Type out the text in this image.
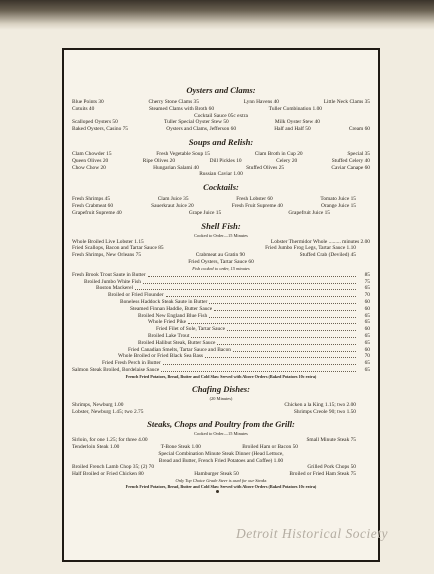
Oysters and Clams:
Blue Points 30	Cherry Stone Clams 35	Lynn Havens 40	Little Neck Clams 35
Cotuits 40	Steamed Clams with Broth 60	Tuller Combination 1.00
Cocktail Sauce 05c extra
Scalloped Oysters 50	Tuller Special Oyster Stew 50	Milk Oyster Stew 40
Baked Oysters, Casino 75	Oysters and Clams, Jefferson 60	Half and Half 50	Cream 60
Soups and Relish:
Clam Chowder 15	Fresh Vegetable Soup 15	Clam Broth in Cup 20	Special 35
Queen Olives 20	Ripe Olives 20	Dill Pickles 10	Celery 20	Stuffed Celery 40
Chow Chow 20	Hungarian Salami 40	Stuffed Olives 25	Caviar Canape 60
Russian Caviar 1.00
Cocktails:
Fresh Shrimps 45	Clam Juice 35	Fresh Lobster 60	Tomato Juice 15
Fresh Crabmeat 60	Sauerkraut Juice 20	Fresh Fruit Supreme 40	Orange Juice 15
Grapefruit Supreme 40	Grape Juice 15	Grapefruit Juice 15
Shell Fish:
Cooked to Order—15 Minutes
Whole Broiled Live Lobster 1.15	Lobster Thermidor Whole ......... minutes 2.00
Fried Scallops, Bacon and Tartar Sauce 85	Fried Jumbo Frog Legs, Tartar Sauce 1.10
Fresh Shrimps, New Orleans 75	Crabmeat au Gratin 90	Stuffed Crab (Deviled) 45
Fried Oysters, Tartar Sauce 60
Fish cooked to order, 15 minutes
Fresh Brook Trout Saute in Butter	85
Broiled Jumbo White Fish	75
Boston Mackerel	65
Broiled or Fried Flounder	70
Boneless Haddock Steak Saute in Butter	60
Steamed Finnan Haddie, Butter Sauce	60
Broiled New England Blue Fish	65
Whole Fried Pike	65
Fried Filet of Sole, Tartar Sauce	60
Broiled Lake Trout	65
Broiled Halibut Steak, Butter Sauce	65
Fried Canadian Smelts, Tartar Sauce and Bacon	60
Whole Broiled or Fried Black Sea Bass	70
Fried Fresh Perch in Butter	65
Salmon Steak Broiled, Bordelaise Sauce	65
French Fried Potatoes, Bread, Butter and Cold Slaw Served with Above Orders (Baked Potatoes 10c extra)
Chafing Dishes:
(20 Minutes)
Shrimps, Newburg 1.00	Chicken a la King 1.15; two 2.00
Lobster, Newburg 1.45; two 2.75	Shrimps Creole 90; two 1.50
Steaks, Chops and Poultry from the Grill:
Cooked to Order—15 Minutes
Sirloin, for one 1.25; for three 4.00	Small Minute Steak 75
Tenderloin Steak 1.00	T-Bone Steak 1.00	Broiled Ham or Bacon 50
Special Combination Minute Steak Dinner (Head Lettuce,
Bread and Butter, French Fried Potatoes and Coffee) 1.00
Broiled French Lamb Chop 35; (2) 70	Grilled Pork Chops 50
Half Broiled or Fried Chicken 80	Hamburger Steak 50	Broiled or Fried Ham Steak 75
Only Top Choice Grade Steer is used for our Steaks
French Fried Potatoes, Bread, Butter and Cold Slaw Served with Above Orders (Baked Potatoes 10c extra)
Detroit Historical Society
